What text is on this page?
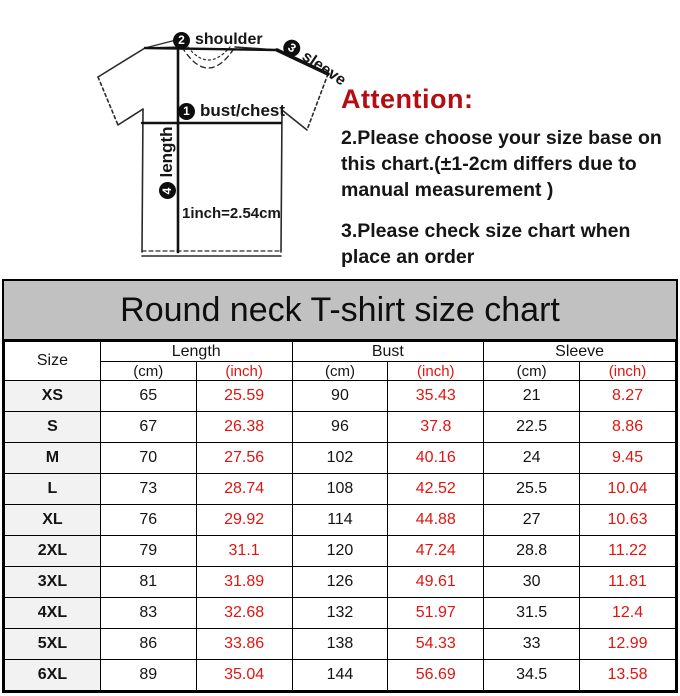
2 shoulder	3
sleeve
1 bust/chest
4
length
1inch=2.54cm
Attention:

2.Please choose your size base on this chart.(±1-2cm differs due to manual measurement )

3.Please check size chart when place an order

Round neck T-shirt size chart
Size	Length		Bust		Sleeve	
	(cm)	(inch)	(cm)	(inch)	(cm)	(inch)
XS	65	25.59	90	35.43	21	8.27
S	67	26.38	96	37.8	22.5	8.86
M	70	27.56	102	40.16	24	9.45
L	73	28.74	108	42.52	25.5	10.04
XL	76	29.92	114	44.88	27	10.63
2XL	79	31.1	120	47.24	28.8	11.22
3XL	81	31.89	126	49.61	30	11.81
4XL	83	32.68	132	51.97	31.5	12.4
5XL	86	33.86	138	54.33	33	12.99
6XL	89	35.04	144	56.69	34.5	13.58
